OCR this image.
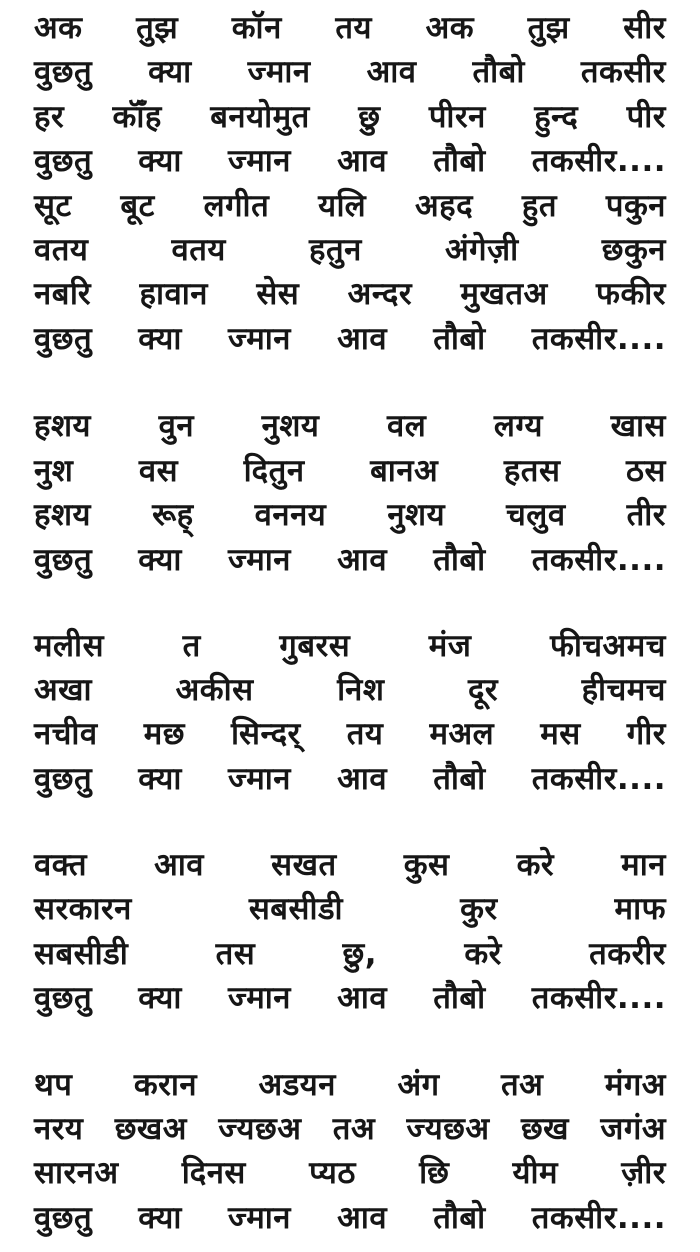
अक तुझ कॉन तय अक तुझ सीर
वुछतु क्या ज्मान आव तौबो तकसीर
हर कॉँह बनयोमुत छु पीरन हुन्द पीर
वुछतु क्या ज्मान आव तौबो तकसीर....
सूट बूट लगीत यलि अहद हुत पकुन
वतय	वतय	हतुन	अंगेज़ी	छकुन
नबरि हावान सेस अन्दर मुखतअ फकीर
वुछतु क्या ज्मान आव तौबो तकसीर....
हशय वुन नुशय वल लग्य खास
नुश वस दितुन बानअ हतस ठस
हशय रूह्‌ वननय नुशय चलुव तीर
वुछतु क्या ज्मान आव तौबो तकसीर....
मलीस	त	गुबरस	मंज	फीचअमच
अखा	अकीस	निश	दूर	हीचमच
नचीव मछ सिन्दर्‌ तय मअल मस गीर
वुछतु क्या ज्मान आव तौबो तकसीर....
वक्त आव सखत कुस करे मान
सरकारन	सबसीडी	कुर	माफ
सबसीडी	तस	छु,	करे	तकरीर
वुछतु क्या ज्मान आव तौबो तकसीर....
थप करान अडयन अंग तअ मंगअ
नरय छखअ ज्यछअ तअ ज्यछअ छख जगंअ
सारनअ दिनस प्यठ छि यीम ज़ीर
वुछतु क्या ज्मान आव तौबो तकसीर....
